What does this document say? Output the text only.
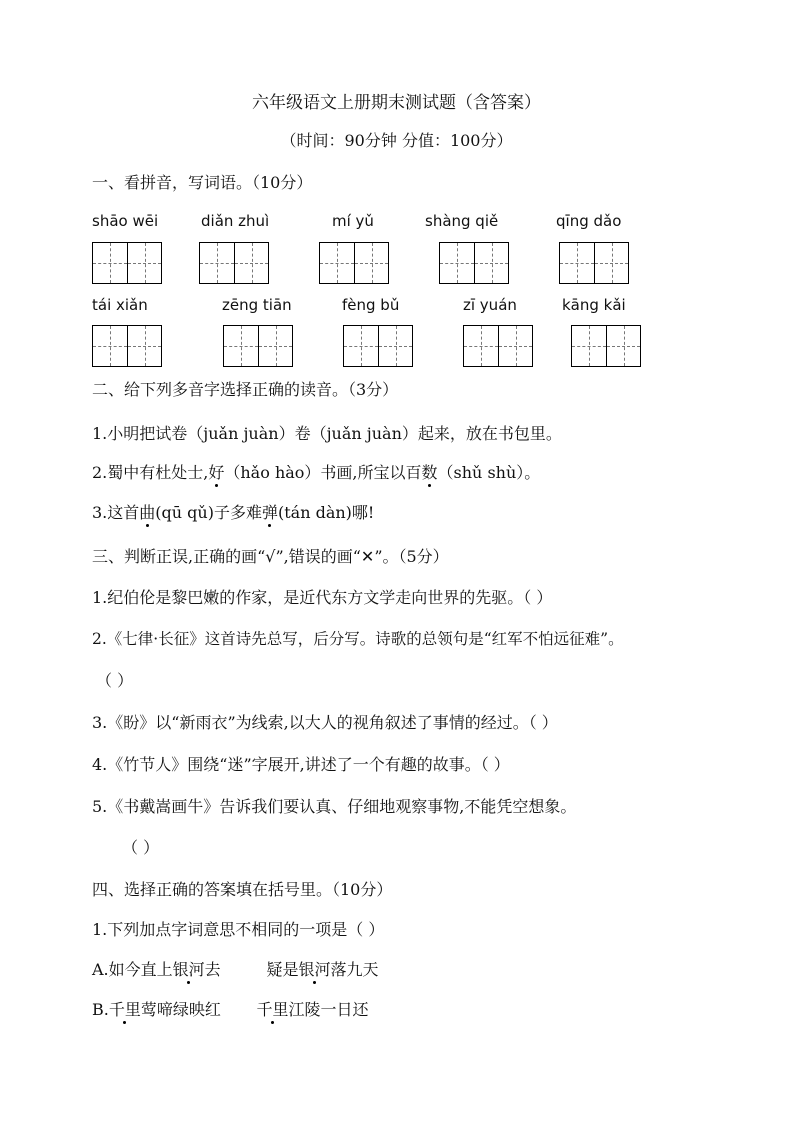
六年级语文上册期末测试题（含答案）
（时间：90分钟 分值：100分）
一、看拼音，写词语。（10分）
shāo wēi	diǎn zhuì	mí yǔ	shàng qiě	qīng dǎo
tái xiǎn	zēng tiān	fèng bǔ	zī yuán	kāng kǎi
二、给下列多音字选择正确的读音。（3分）
1.小明把试卷（juǎn juàn）卷（juǎn juàn）起来，放在书包里。
2.蜀中有杜处士,好（hǎo hào）书画,所宝以百数（shǔ shù）。
3.这首曲(qū qǔ)子多难弹(tán dàn)哪!
三、判断正误,正确的画“√”,错误的画“✕”。（5分）
1.纪伯伦是黎巴嫩的作家，是近代东方文学走向世界的先驱。（ ）
2.《七律·长征》这首诗先总写，后分写。诗歌的总领句是“红军不怕远征难”。
（ ）
3.《盼》以“新雨衣”为线索,以大人的视角叙述了事情的经过。（ ）
4.《竹节人》围绕“迷”字展开,讲述了一个有趣的故事。（ ）
5.《书戴嵩画牛》告诉我们要认真、仔细地观察事物,不能凭空想象。
（ ）
四、选择正确的答案填在括号里。（10分）
1.下列加点字词意思不相同的一项是（ ）
A.如今直上银河去         疑是银河落九天
B.千里莺啼绿映红       千里江陵一日还
